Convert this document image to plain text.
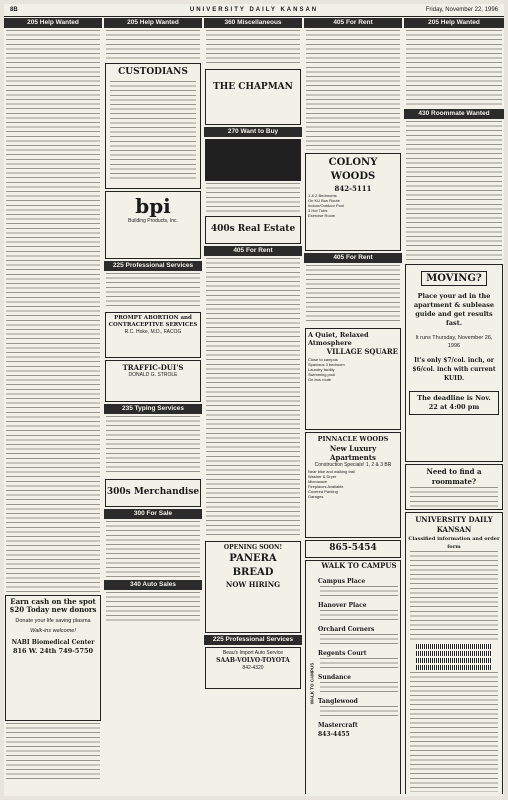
8B	UNIVERSITY DAILY KANSAN	Friday, November 22, 1996
205 Help Wanted
Earn cash on the spot $20 Today new donors
Donate your life saving plasma
Walk-ins welcome!
NABI Biomedical Center
816 W. 24th 749-5750
205 Help Wanted
CUSTODIANS
bpi
Building Products, Inc.
225 Professional Services
PROMPT ABORTION and CONTRACEPTIVE SERVICES
R.C. Hoke, M.D., FACOG
TRAFFIC-DUI'S
DONALD G. STROLE
235 Typing Services
300s Merchandise
300 For Sale
340 Auto Sales
360 Miscellaneous
THE CHAPMAN
270 Want to Buy
400s Real Estate
405 For Rent
OPENING SOON!
PANERA BREAD
NOW HIRING
225 Professional Services
Beau's Import Auto Service
SAAB-VOLVO-TOYOTA
842-4320
405 For Rent
COLONY WOODS
842-5111
1 & 2 Bedrooms
On KU Bus Route
Indoor/Outdoor Pool
3 Hot Tubs
Exercise Room
405 For Rent
A Quiet, Relaxed Atmosphere
VILLAGE SQUARE
Close to campus
Spacious 3 bedroom
Laundry facility
Swimming pool
On bus route
PINNACLE WOODS
New Luxury Apartments
Construction Specials! 1, 2 & 3 BR
Near bike and walking trail
Washer & Dryer
Microwave
Fireplaces Available
Covered Parking
Garages
865-5454
WALK TO CAMPUS
WALK TO CAMPUS
Campus Place
Hanover Place
Orchard Corners
Regents Court
Sundance
Tanglewood
Mastercraft
843-4455
205 Help Wanted
430 Roommate Wanted
MOVING?
Place your ad in the apartment & sublease guide and get results fast.
It runs Thursday, November 26, 1996
It's only $7/col. inch, or $6/col. inch with current KUID.
The deadline is Nov. 22 at 4:00 pm
Need to find a roommate?
UNIVERSITY DAILY KANSAN
Classified information and order form
